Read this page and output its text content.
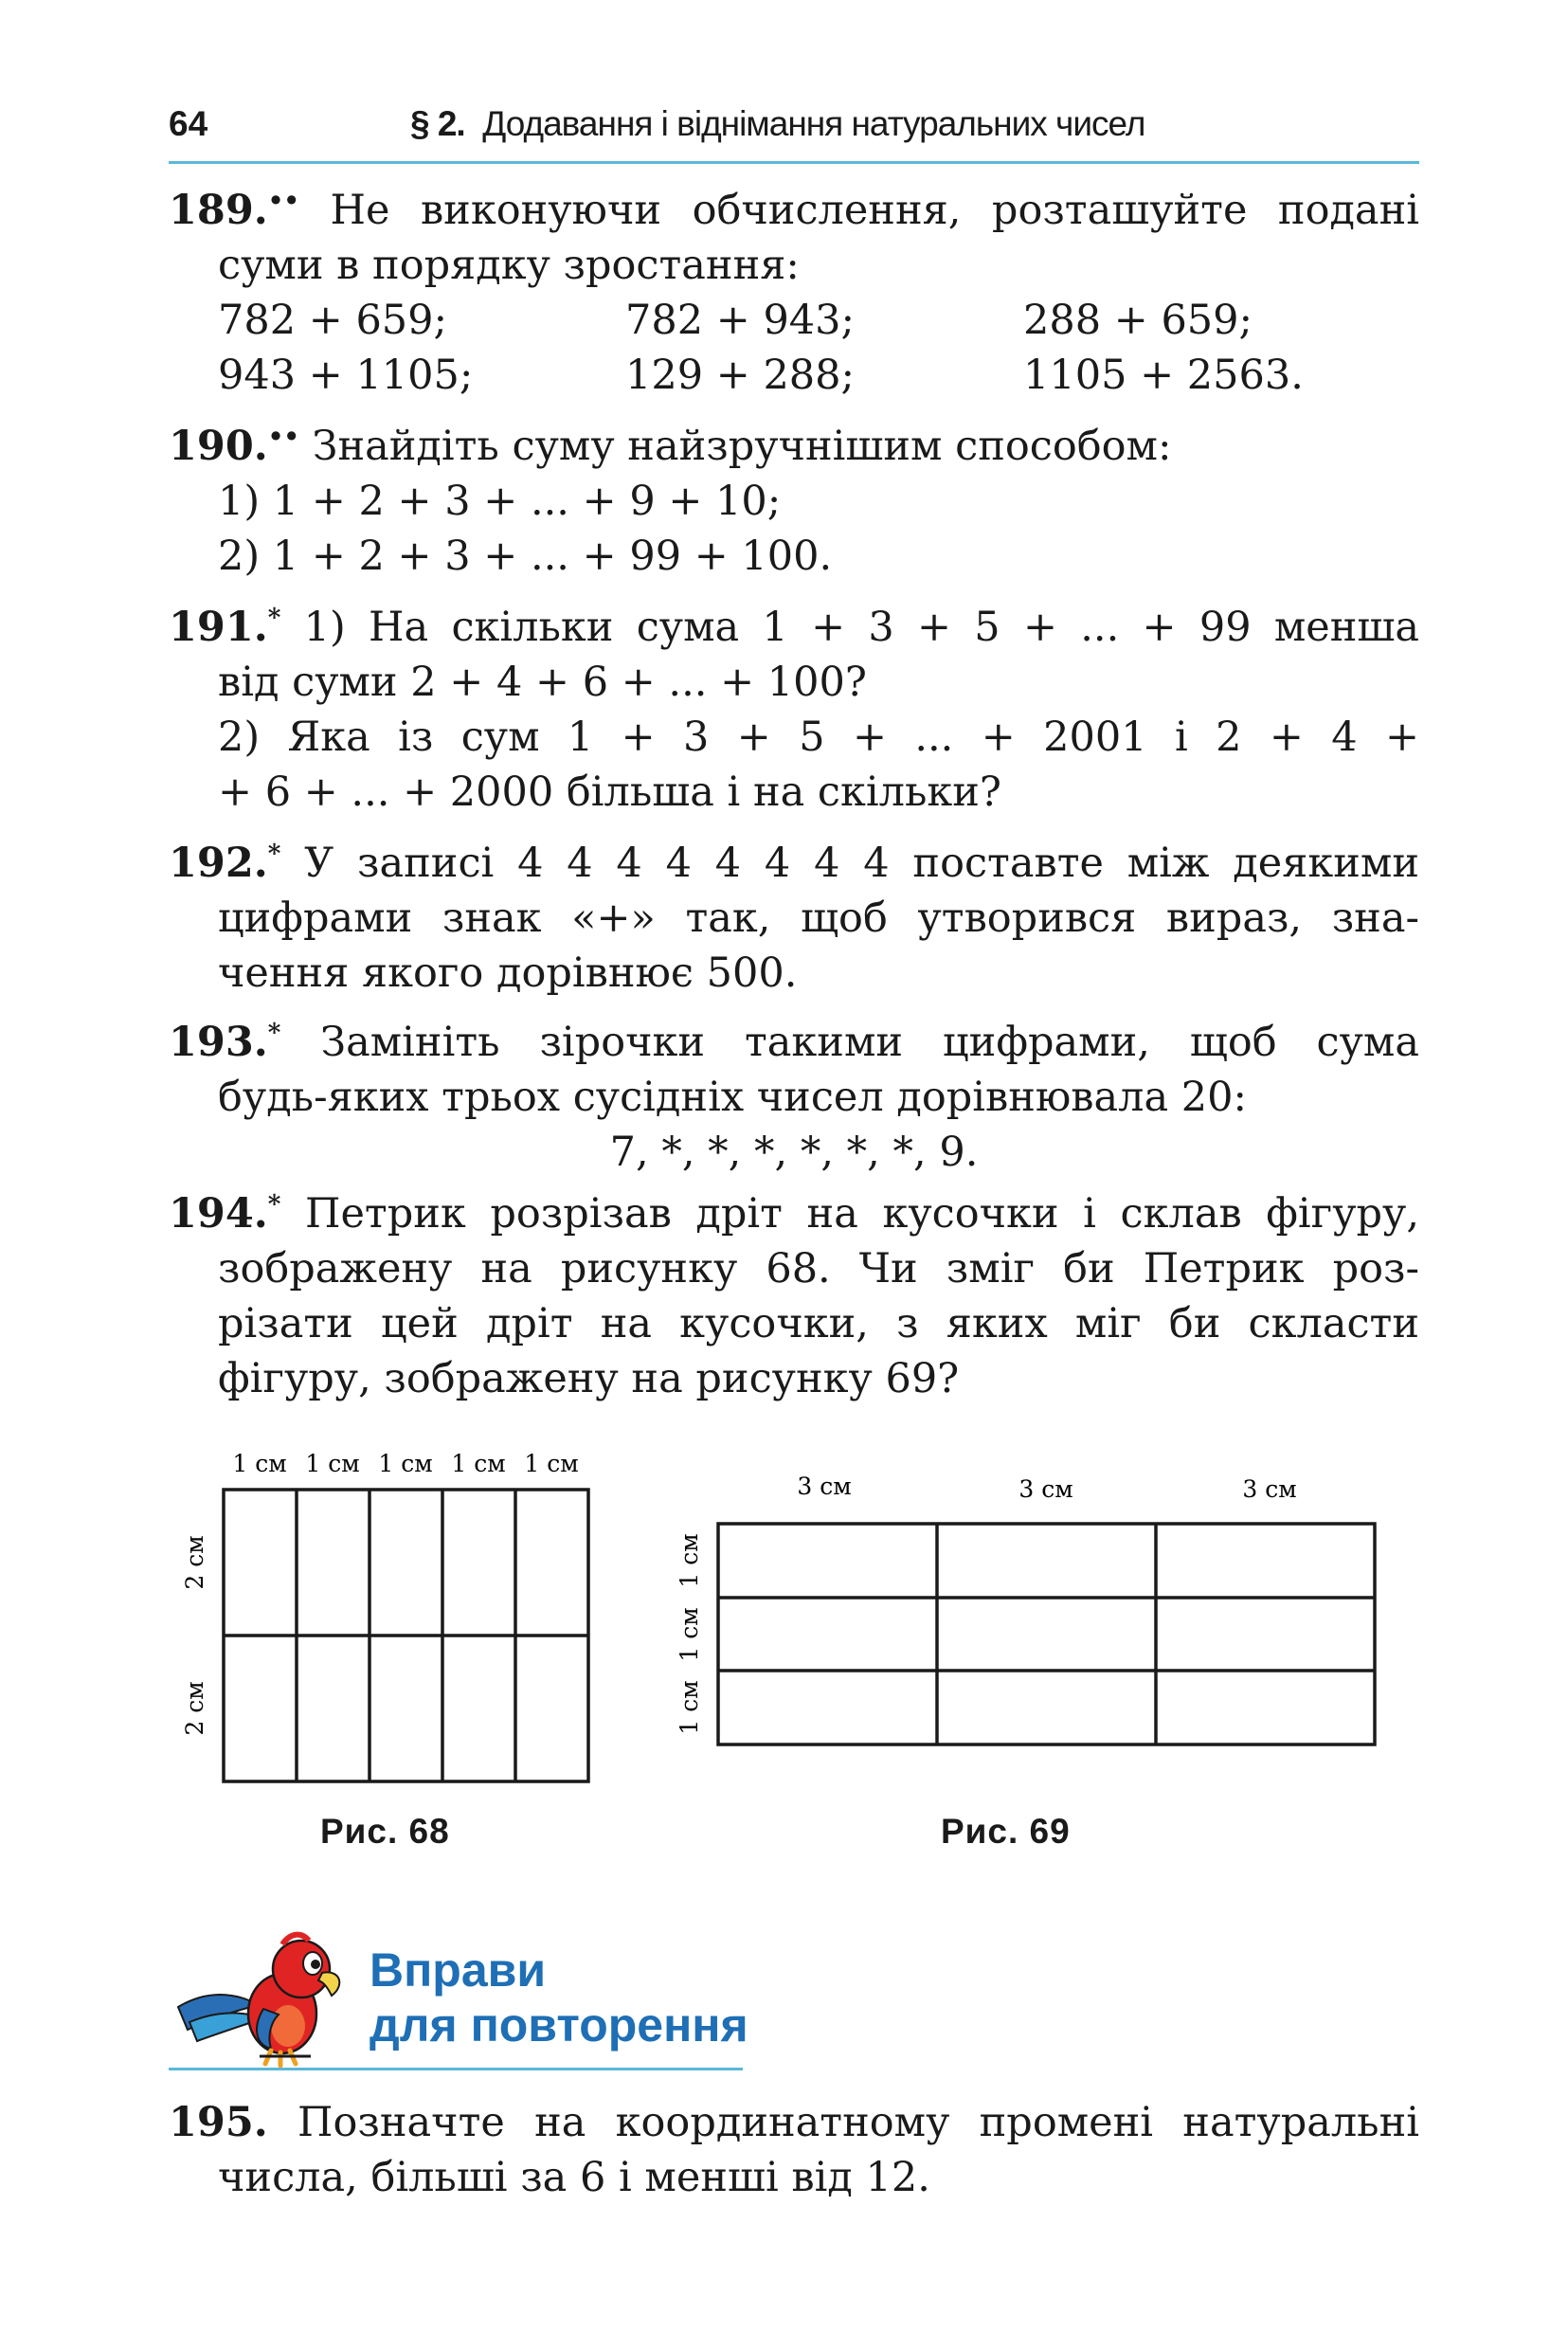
64	§ 2. Додавання і віднімання натуральних чисел
189.•• Не виконуючи обчислення, розташуйте подані
суми в порядку зростання:
782 + 659;	782 + 943;	288 + 659;
943 + 1105;	129 + 288;	1105 + 2563.
190.•• Знайдіть суму найзручнішим способом:
1) 1 + 2 + 3 + ... + 9 + 10;
2) 1 + 2 + 3 + ... + 99 + 100.
191.* 1) На скільки сума 1 + 3 + 5 + ... + 99 менша
від суми 2 + 4 + 6 + ... + 100?
2) Яка із сум 1 + 3 + 5 + ... + 2001 і 2 + 4 +
+ 6 + ... + 2000 більша і на скільки?
192.* У записі 4 4 4 4 4 4 4 4 поставте між деякими
цифрами знак «+» так, щоб утворився вираз, зна-
чення якого дорівнює 500.
193.* Замініть зірочки такими цифрами, щоб сума
будь-яких трьох сусідніх чисел дорівнювала 20:
7, *, *, *, *, *, *, 9.
194.* Петрик розрізав дріт на кусочки і склав фігуру,
зображену на рисунку 68. Чи зміг би Петрик роз-
різати цей дріт на кусочки, з яких міг би скласти
фігуру, зображену на рисунку 69?
1 см 1 см 1 см 1 см 1 см
2 см
2 см
Рис. 68
3 см	3 см	3 см
1 см
1 см
1 см
Рис. 69
Вправи
для повторення
195. Позначте на координатному промені натуральні
числа, більші за 6 і менші від 12.
